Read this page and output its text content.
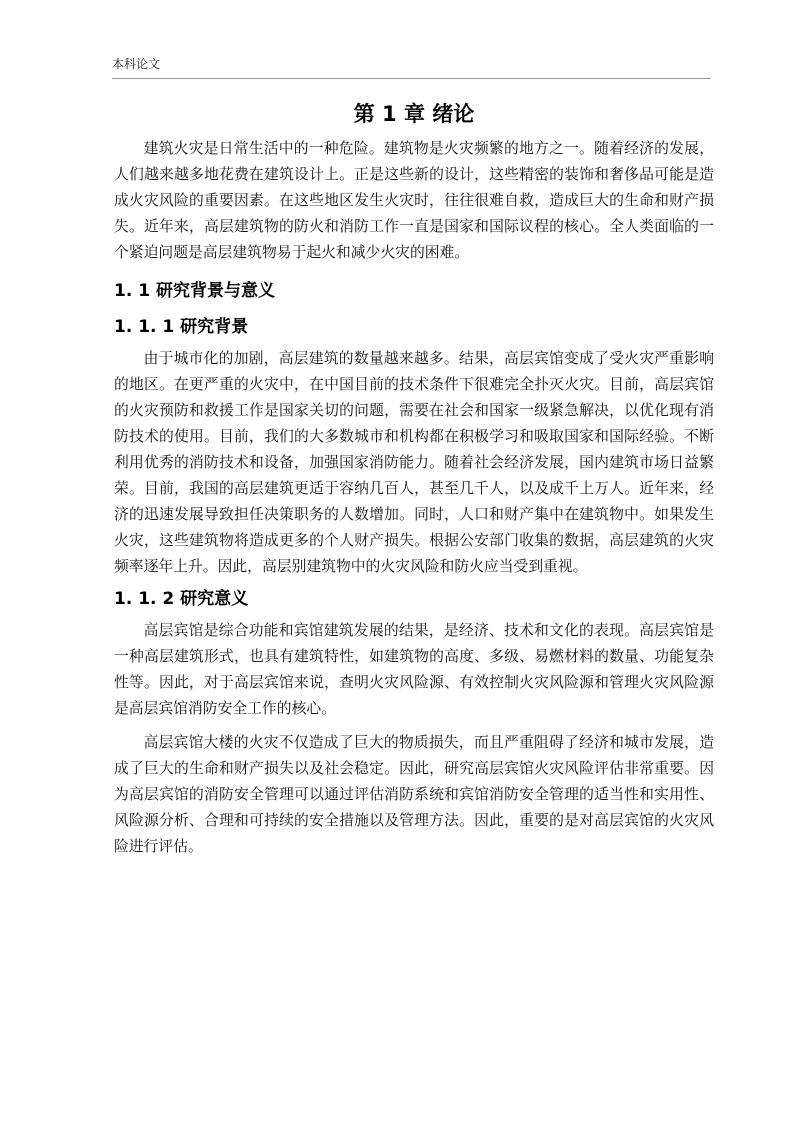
本科论文
第 1 章 绪论

建筑火灾是日常生活中的一种危险。建筑物是火灾频繁的地方之一。随着经济的发展，人们越来越多地花费在建筑设计上。正是这些新的设计，这些精密的装饰和奢侈品可能是造成火灾风险的重要因素。在这些地区发生火灾时，往往很难自救，造成巨大的生命和财产损失。近年来，高层建筑物的防火和消防工作一直是国家和国际议程的核心。全人类面临的一个紧迫问题是高层建筑物易于起火和减少火灾的困难。

1. 1 研究背景与意义
1. 1. 1 研究背景

由于城市化的加剧，高层建筑的数量越来越多。结果，高层宾馆变成了受火灾严重影响的地区。在更严重的火灾中，在中国目前的技术条件下很难完全扑灭火灾。目前，高层宾馆的火灾预防和救援工作是国家关切的问题，需要在社会和国家一级紧急解决，以优化现有消防技术的使用。目前，我们的大多数城市和机构都在积极学习和吸取国家和国际经验。不断利用优秀的消防技术和设备，加强国家消防能力。随着社会经济发展，国内建筑市场日益繁荣。目前，我国的高层建筑更适于容纳几百人，甚至几千人，以及成千上万人。近年来，经济的迅速发展导致担任决策职务的人数增加。同时，人口和财产集中在建筑物中。如果发生火灾，这些建筑物将造成更多的个人财产损失。根据公安部门收集的数据，高层建筑的火灾频率逐年上升。因此，高层别建筑物中的火灾风险和防火应当受到重视。

1. 1. 2 研究意义

高层宾馆是综合功能和宾馆建筑发展的结果，是经济、技术和文化的表现。高层宾馆是一种高层建筑形式，也具有建筑特性，如建筑物的高度、多级、易燃材料的数量、功能复杂性等。因此，对于高层宾馆来说，查明火灾风险源、有效控制火灾风险源和管理火灾风险源是高层宾馆消防安全工作的核心。

高层宾馆大楼的火灾不仅造成了巨大的物质损失，而且严重阻碍了经济和城市发展，造成了巨大的生命和财产损失以及社会稳定。因此，研究高层宾馆火灾风险评估非常重要。因为高层宾馆的消防安全管理可以通过评估消防系统和宾馆消防安全管理的适当性和实用性、风险源分析、合理和可持续的安全措施以及管理方法。因此，重要的是对高层宾馆的火灾风险进行评估。
